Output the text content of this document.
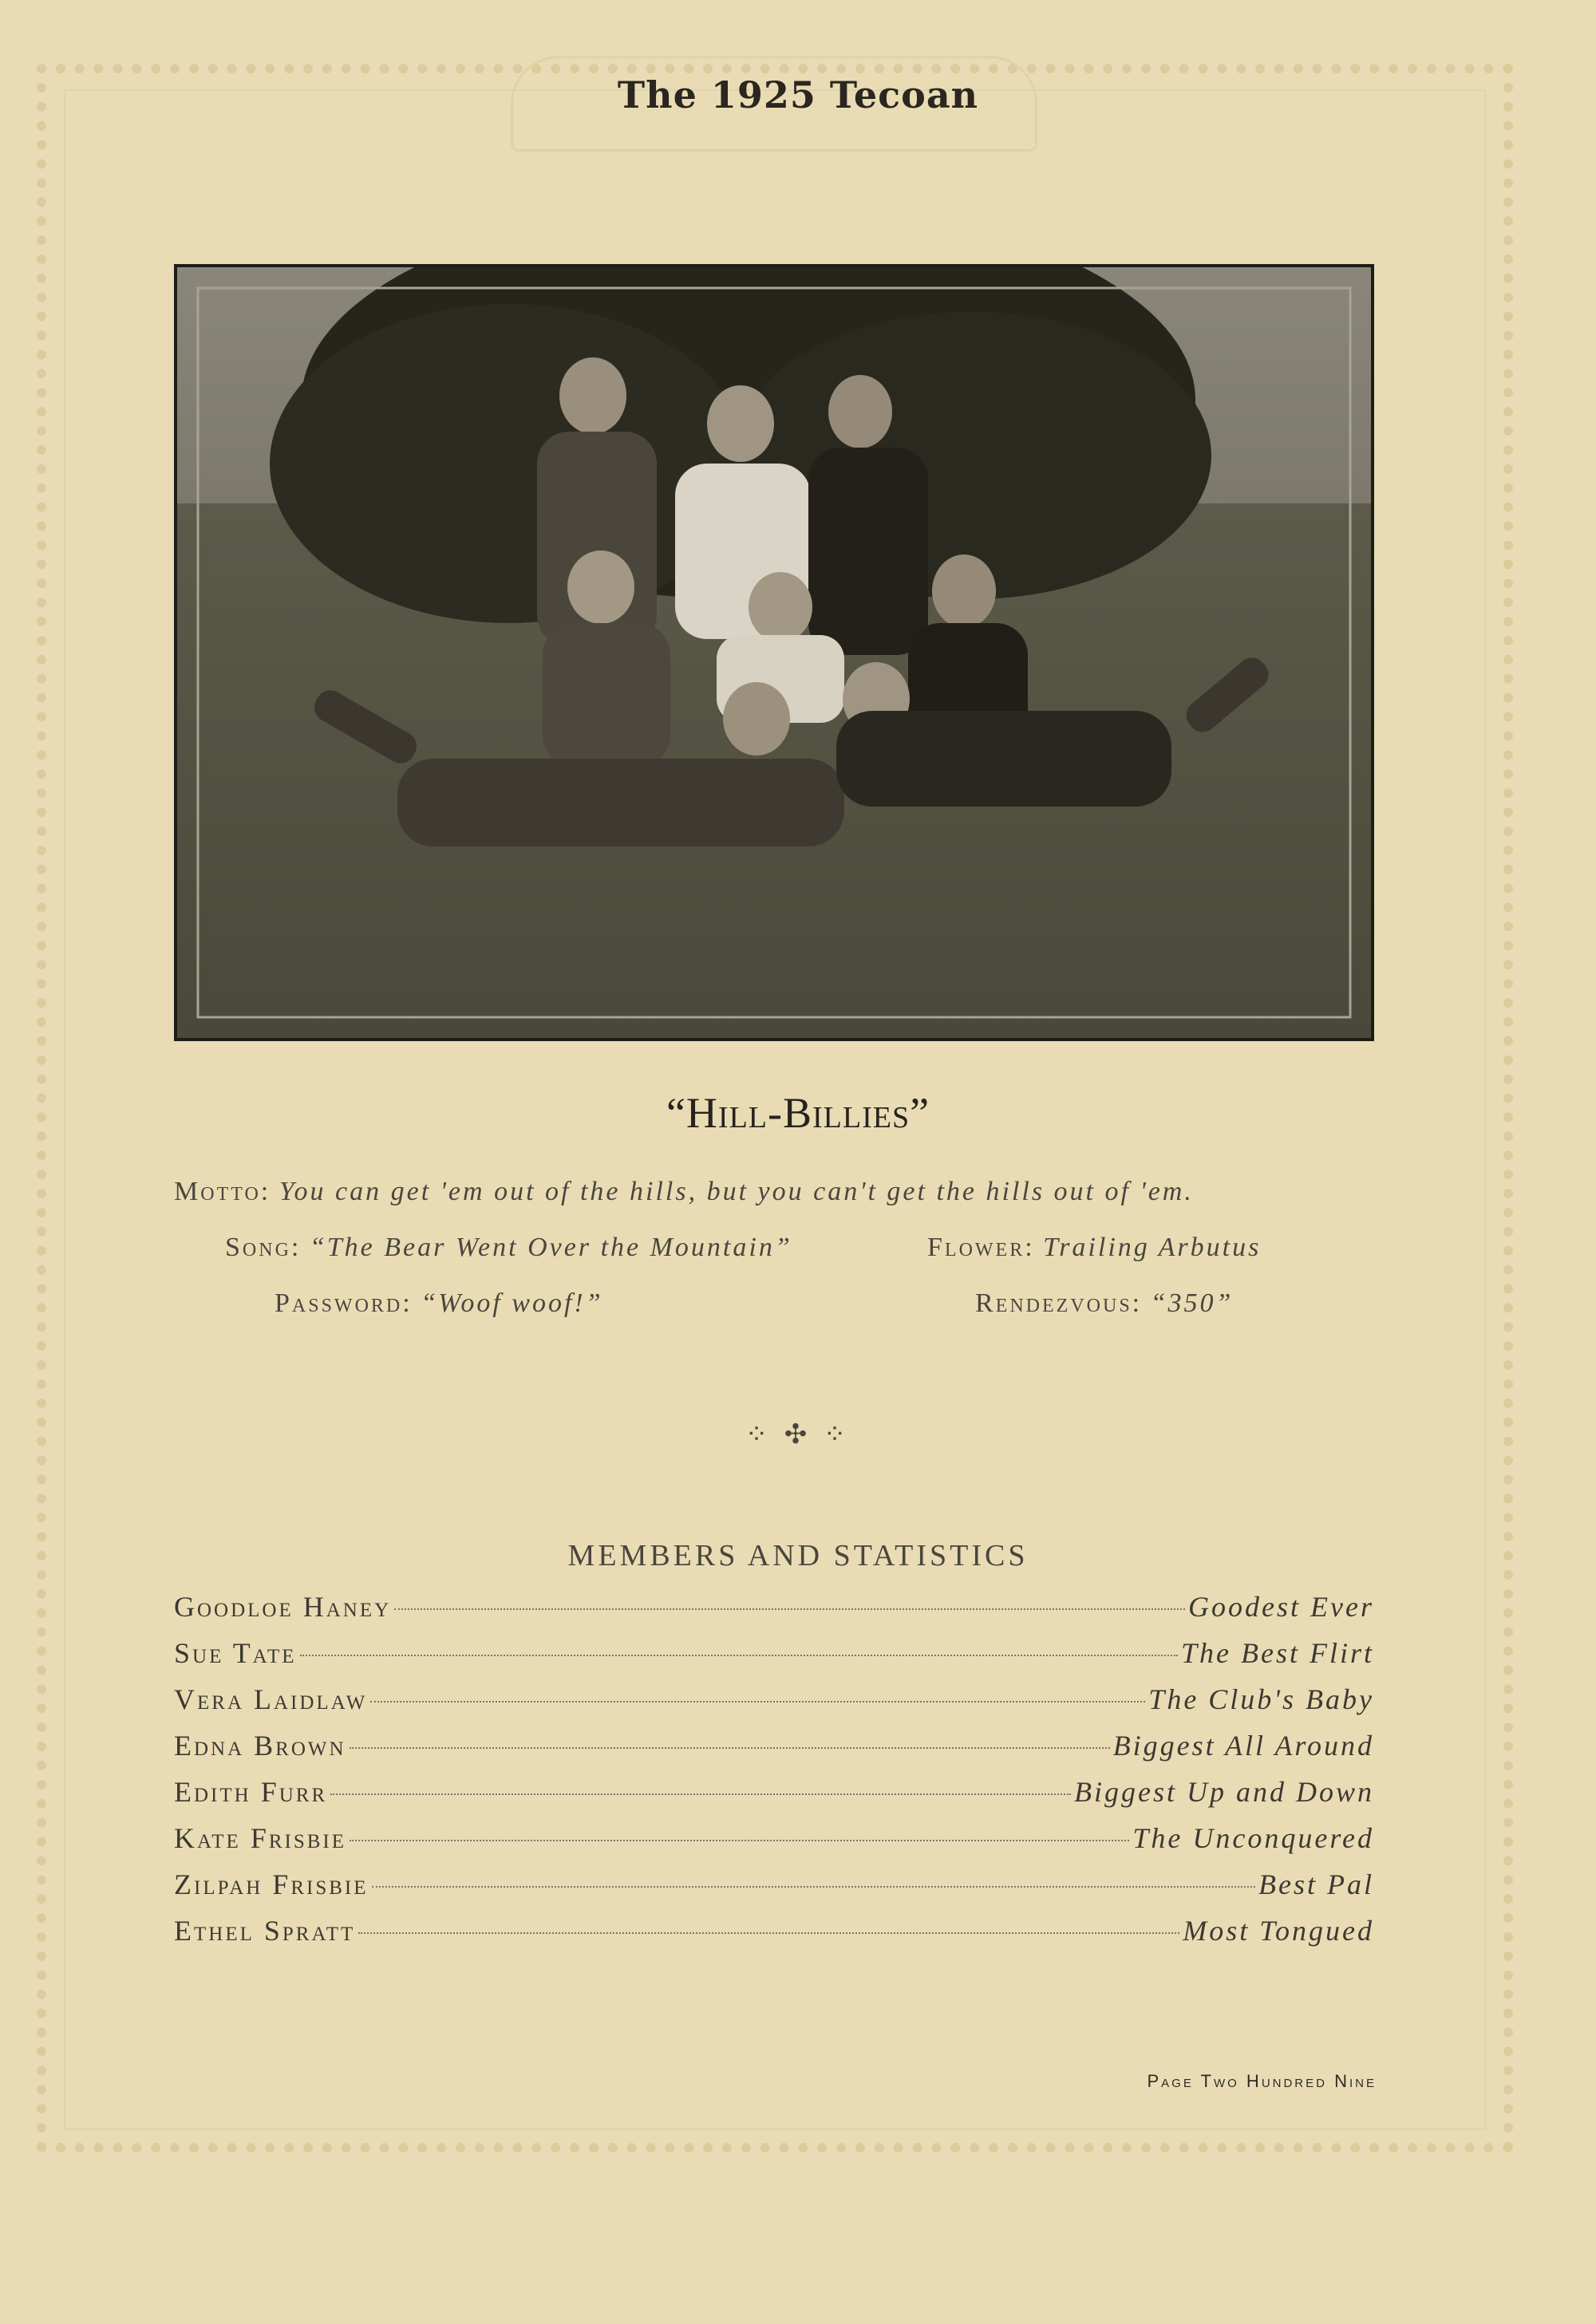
The 1925 Tecoan
“Hill-Billies”
Motto: You can get 'em out of the hills, but you can't get the hills out of 'em.
Song: “The Bear Went Over the Mountain”	Flower: Trailing Arbutus
Password: “Woof woof!”	Rendezvous: “350”
⁘ ✣ ⁘
MEMBERS AND STATISTICS
Goodloe Haney	Goodest Ever
Sue Tate	The Best Flirt
Vera Laidlaw	The Club's Baby
Edna Brown	Biggest All Around
Edith Furr	Biggest Up and Down
Kate Frisbie	The Unconquered
Zilpah Frisbie	Best Pal
Ethel Spratt	Most Tongued
Page Two Hundred Nine
